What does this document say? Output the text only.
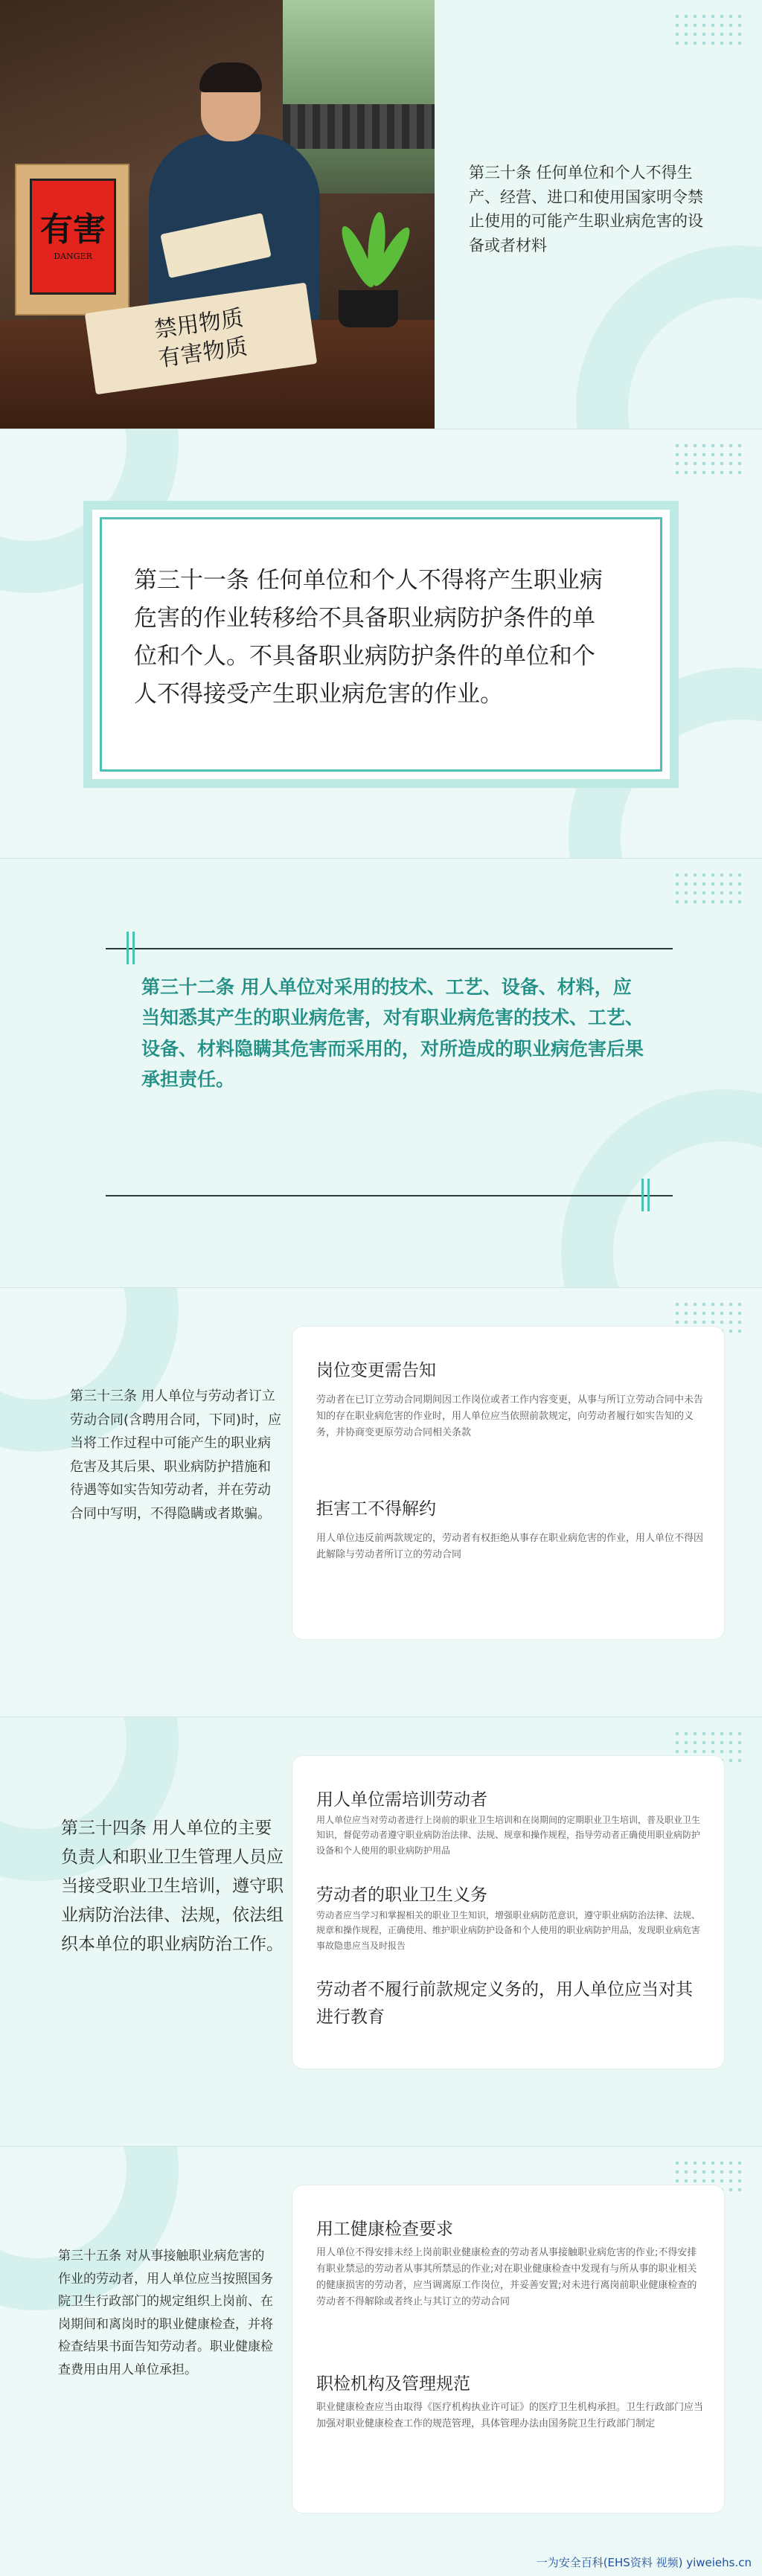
有害
DANGER
禁用物质
有害物质
第三十条 任何单位和个人不得生产、经营、进口和使用国家明令禁止使用的可能产生职业病危害的设备或者材料
第三十一条 任何单位和个人不得将产生职业病危害的作业转移给不具备职业病防护条件的单位和个人。不具备职业病防护条件的单位和个人不得接受产生职业病危害的作业。
第三十二条 用人单位对采用的技术、工艺、设备、材料，应当知悉其产生的职业病危害，对有职业病危害的技术、工艺、设备、材料隐瞒其危害而采用的，对所造成的职业病危害后果承担责任。
第三十三条 用人单位与劳动者订立劳动合同(含聘用合同，下同)时，应当将工作过程中可能产生的职业病危害及其后果、职业病防护措施和待遇等如实告知劳动者，并在劳动合同中写明，不得隐瞒或者欺骗。
岗位变更需告知

劳动者在已订立劳动合同期间因工作岗位或者工作内容变更，从事与所订立劳动合同中未告知的存在职业病危害的作业时，用人单位应当依照前款规定，向劳动者履行如实告知的义务，并协商变更原劳动合同相关条款

拒害工不得解约

用人单位违反前两款规定的，劳动者有权拒绝从事存在职业病危害的作业，用人单位不得因此解除与劳动者所订立的劳动合同

第三十四条 用人单位的主要负责人和职业卫生管理人员应当接受职业卫生培训，遵守职业病防治法律、法规，依法组织本单位的职业病防治工作。
用人单位需培训劳动者

用人单位应当对劳动者进行上岗前的职业卫生培训和在岗期间的定期职业卫生培训，普及职业卫生知识，督促劳动者遵守职业病防治法律、法规、规章和操作规程，指导劳动者正确使用职业病防护设备和个人使用的职业病防护用品

劳动者的职业卫生义务

劳动者应当学习和掌握相关的职业卫生知识，增强职业病防范意识，遵守职业病防治法律、法规、规章和操作规程，正确使用、维护职业病防护设备和个人使用的职业病防护用品，发现职业病危害事故隐患应当及时报告

劳动者不履行前款规定义务的，用人单位应当对其进行教育
第三十五条 对从事接触职业病危害的作业的劳动者，用人单位应当按照国务院卫生行政部门的规定组织上岗前、在岗期间和离岗时的职业健康检查，并将检查结果书面告知劳动者。职业健康检查费用由用人单位承担。
用工健康检查要求

用人单位不得安排未经上岗前职业健康检查的劳动者从事接触职业病危害的作业;不得安排有职业禁忌的劳动者从事其所禁忌的作业;对在职业健康检查中发现有与所从事的职业相关的健康损害的劳动者，应当调离原工作岗位，并妥善安置;对未进行离岗前职业健康检查的劳动者不得解除或者终止与其订立的劳动合同

职检机构及管理规范

职业健康检查应当由取得《医疗机构执业许可证》的医疗卫生机构承担。卫生行政部门应当加强对职业健康检查工作的规范管理，具体管理办法由国务院卫生行政部门制定

一为安全百科(EHS资料 视频) yiweiehs.cn
